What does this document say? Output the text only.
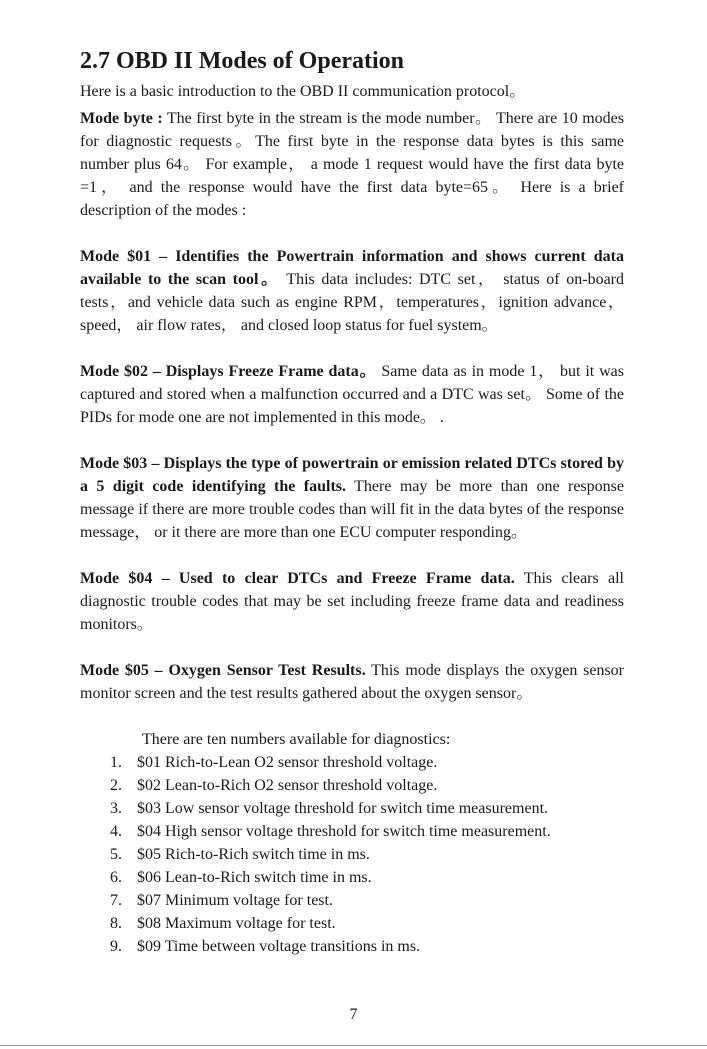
2.7 OBD II Modes of Operation

Here is a basic introduction to the OBD II communication protocol。

Mode byte : The first byte in the stream is the mode number。 There are 10 modes for diagnostic requests。The first byte in the response data bytes is this same number plus 64。 For example， a mode 1 request would have the first data byte =1， and the response would have the first data byte=65。 Here is a brief description of the modes :

Mode $01 – Identifies the Powertrain information and shows current data available to the scan tool。 This data includes: DTC set， status of on-board tests，and vehicle data such as engine RPM，temperatures，ignition advance， speed， air flow rates， and closed loop status for fuel system。

Mode $02 – Displays Freeze Frame data。 Same data as in mode 1， but it was captured and stored when a malfunction occurred and a DTC was set。 Some of the PIDs for mode one are not implemented in this mode。 .

Mode $03 – Displays the type of powertrain or emission related DTCs stored by a 5 digit code identifying the faults. There may be more than one response message if there are more trouble codes than will fit in the data bytes of the response message， or it there are more than one ECU computer responding。

Mode $04 – Used to clear DTCs and Freeze Frame data. This clears all diagnostic trouble codes that may be set including freeze frame data and readiness monitors。

Mode $05 – Oxygen Sensor Test Results. This mode displays the oxygen sensor monitor screen and the test results gathered about the oxygen sensor。

There are ten numbers available for diagnostics:
1. $01 Rich-to-Lean O2 sensor threshold voltage.
2. $02 Lean-to-Rich O2 sensor threshold voltage.
3. $03 Low sensor voltage threshold for switch time measurement.
4. $04 High sensor voltage threshold for switch time measurement.
5. $05 Rich-to-Rich switch time in ms.
6. $06 Lean-to-Rich switch time in ms.
7. $07 Minimum voltage for test.
8. $08 Maximum voltage for test.
9. $09 Time between voltage transitions in ms.
7
